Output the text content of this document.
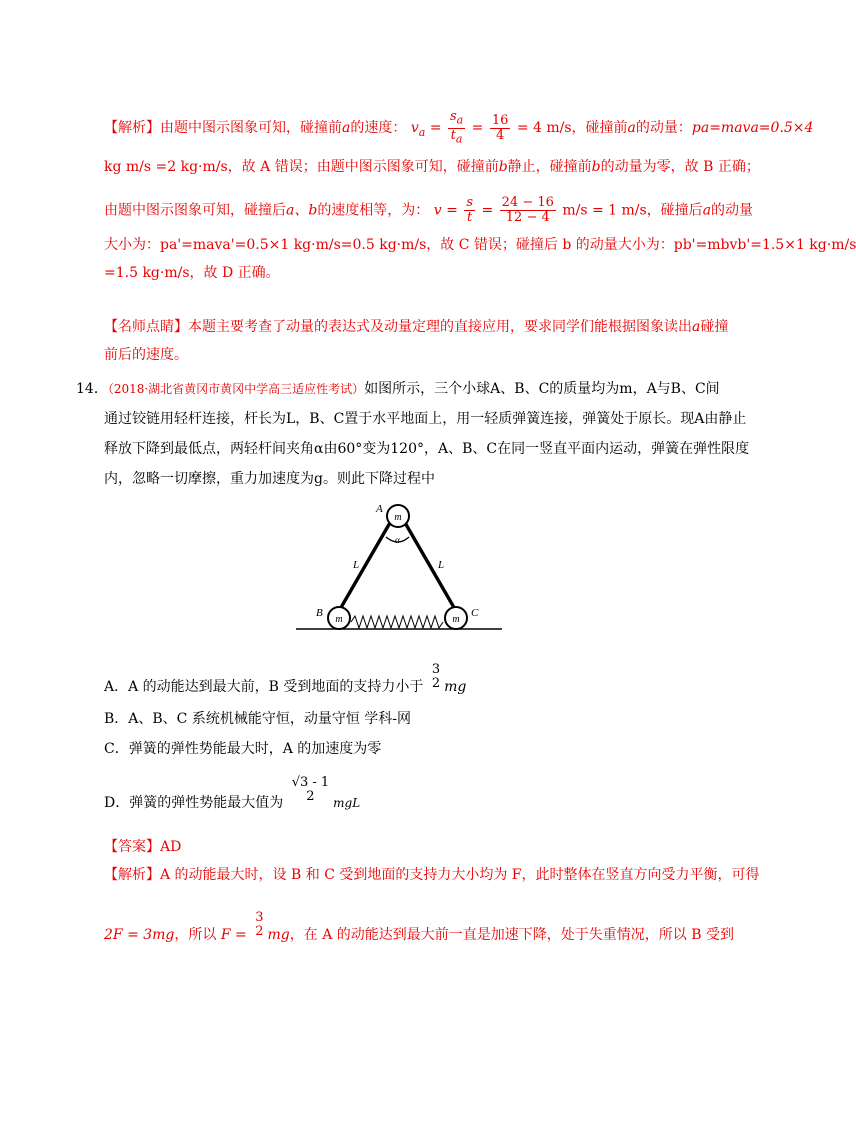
【解析】由题中图示图象可知，碰撞前a的速度： $v_a = \frac{s_a}{t_a} = \frac{16}{4} = 4$ m/s，碰撞前a的动量：pa=mava=0.5×4
kg m/s =2 kg·m/s，故 A 错误；由题中图示图象可知，碰撞前b静止，碰撞前b的动量为零，故 B 正确；
由题中图示图象可知，碰撞后a、b的速度相等，为： $v = \frac{s}{t} = \frac{24 - 16}{12 - 4} m/s = 1$ m/s，碰撞后a的动量
大小为：pa'=mava'=0.5×1 kg·m/s=0.5 kg·m/s，故 C 错误；碰撞后 b 的动量大小为：pb'=mbvb'=1.5×1 kg·m/s
=1.5 kg·m/s，故 D 正确。
【名师点睛】本题主要考查了动量的表达式及动量定理的直接应用，要求同学们能根据图象读出a碰撞
前后的速度。
14．（2018·湖北省黄冈市黄冈中学高三适应性考试）如图所示，三个小球A、B、C的质量均为m，A与B、C间
通过铰链用轻杆连接，杆长为L，B、C置于水平地面上，用一轻质弹簧连接，弹簧处于原长。现A由静止
释放下降到最低点，两轻杆间夹角α由60°变为120°，A、B、C在同一竖直平面内运动，弹簧在弹性限度
内，忽略一切摩擦，重力加速度为g。则此下降过程中
m
m	m
A
B	C
L	L
α
A．A 的动能达到最大前，B 受到地面的支持力小于
3
2 mg
B．A、B、C 系统机械能守恒，动量守恒 学科-网
C．弹簧的弹性势能最大时，A 的加速度为零
D．弹簧的弹性势能最大值为
√3 - 1
2	mgL
【答案】AD
【解析】A 的动能最大时，设 B 和 C 受到地面的支持力大小均为 F，此时整体在竖直方向受力平衡，可得
2F = 3mg，所以 F =
3
2 mg，在 A 的动能达到最大前一直是加速下降，处于失重情况，所以 B 受到
